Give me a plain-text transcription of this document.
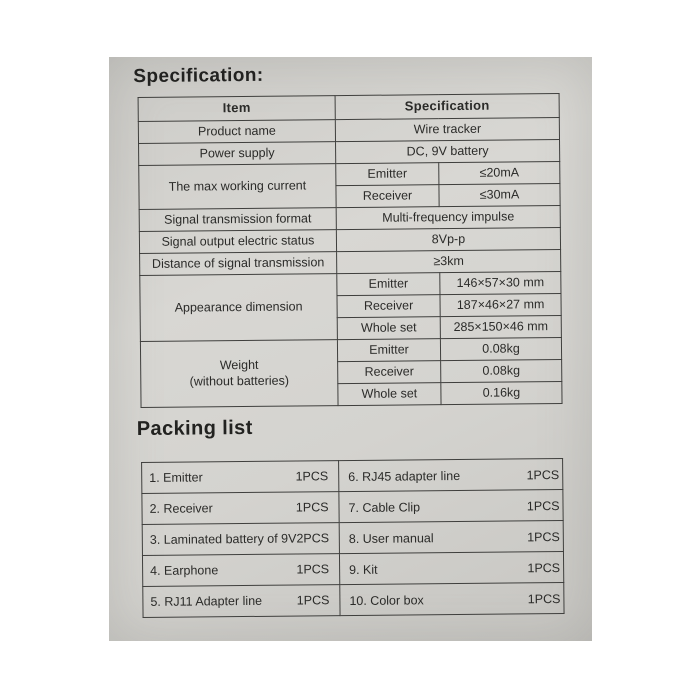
Specification:
Item	Specification	
Product name	Wire tracker	
Power supply	DC, 9V battery	
The max working current	Emitter	≤20mA
	Receiver	≤30mA
Signal transmission format	Multi-frequency impulse	
Signal output electric status	8Vp-p	
Distance of signal transmission	≥3km	
Appearance dimension	Emitter	146×57×30 mm
	Receiver	187×46×27 mm
	Whole set	285×150×46 mm

Weight
(without batteries)	Emitter	0.08kg
	Receiver	0.08kg
	Whole set	0.16kg
Packing list
1. Emitter 1PCS	6. RJ45 adapter line 1PCS

2. Receiver 1PCS	7. Cable Clip 1PCS

3. Laminated battery of 9V 2PCS	8. User manual 1PCS

4. Earphone 1PCS	9. Kit 1PCS

5. RJ11 Adapter line 1PCS	10. Color box 1PCS
